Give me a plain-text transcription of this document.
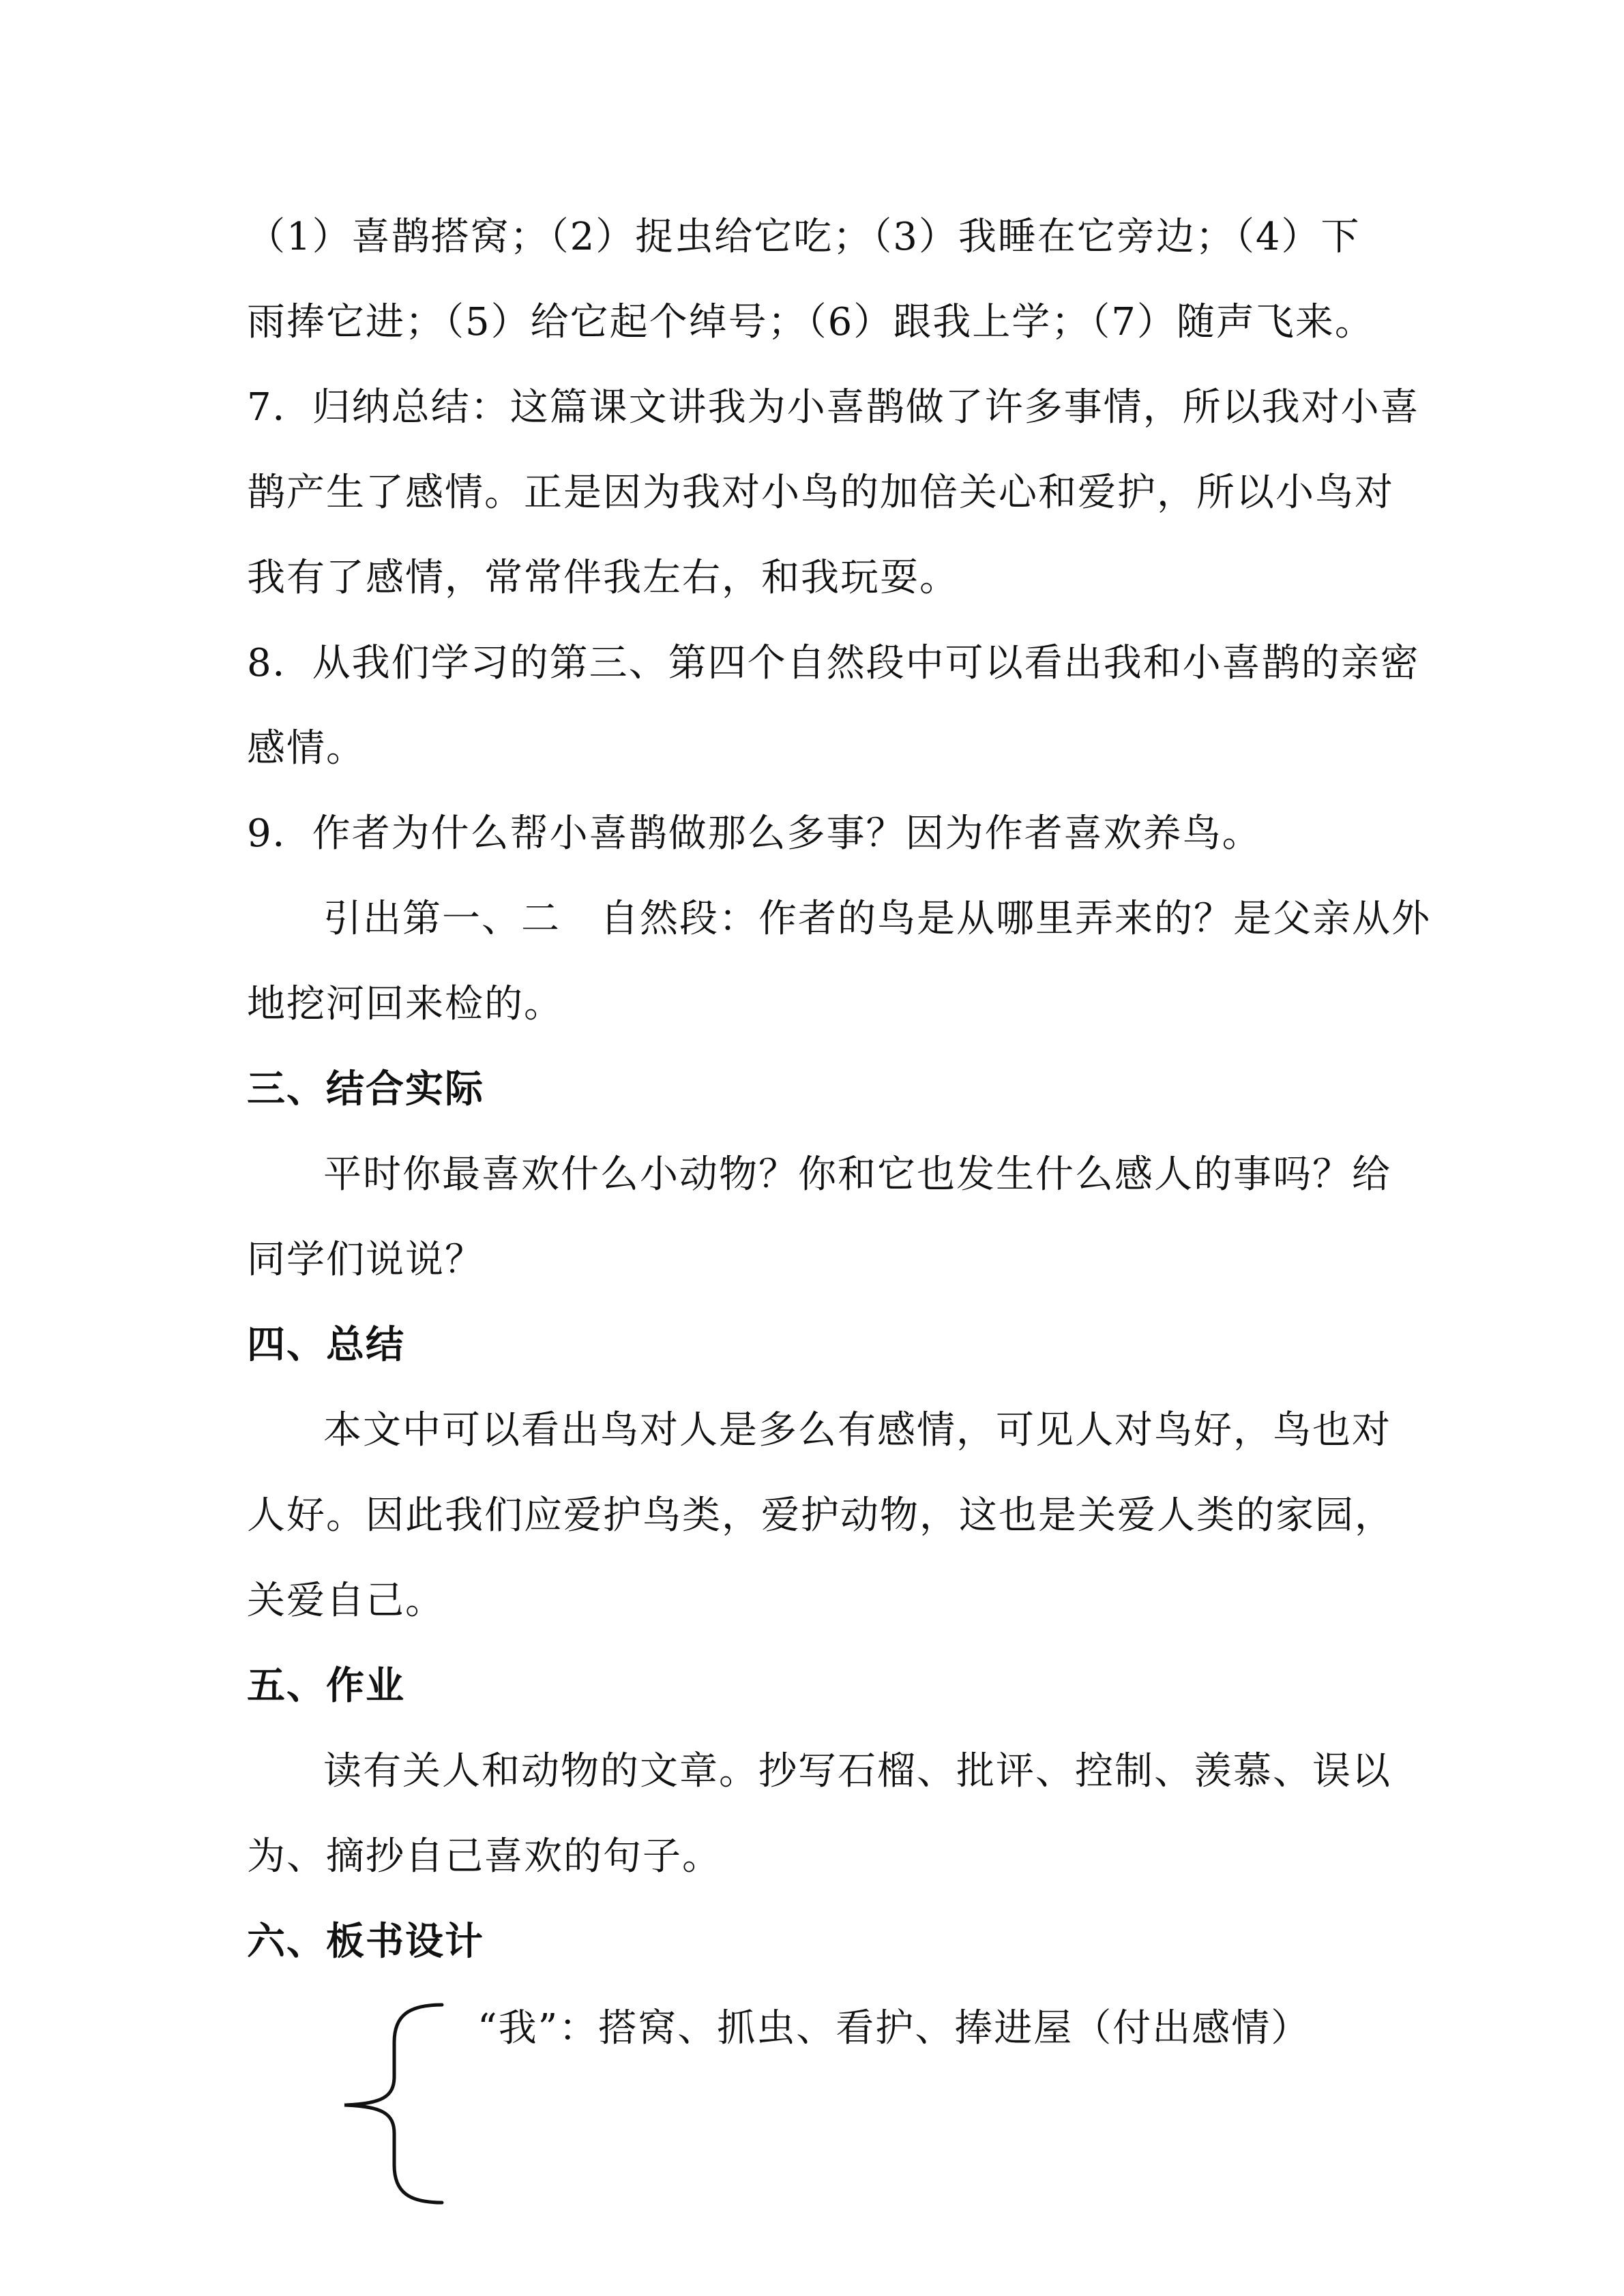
（1）喜鹊搭窝；（2）捉虫给它吃；（3）我睡在它旁边；（4）下
雨捧它进；（5）给它起个绰号；（6）跟我上学；（7）随声飞来。
7．归纳总结：这篇课文讲我为小喜鹊做了许多事情，所以我对小喜
鹊产生了感情。正是因为我对小鸟的加倍关心和爱护，所以小鸟对
我有了感情，常常伴我左右，和我玩耍。
8．从我们学习的第三、第四个自然段中可以看出我和小喜鹊的亲密
感情。
9．作者为什么帮小喜鹊做那么多事？因为作者喜欢养鸟。
引出第一、二　自然段：作者的鸟是从哪里弄来的？是父亲从外
地挖河回来检的。
三、结合实际
平时你最喜欢什么小动物？你和它也发生什么感人的事吗？给
同学们说说？
四、总结
本文中可以看出鸟对人是多么有感情，可见人对鸟好，鸟也对
人好。因此我们应爱护鸟类，爱护动物，这也是关爱人类的家园，
关爱自己。
五、作业
读有关人和动物的文章。抄写石榴、批评、控制、羡慕、误以
为、摘抄自己喜欢的句子。
六、板书设计
“我”：搭窝、抓虫、看护、捧进屋（付出感情）
